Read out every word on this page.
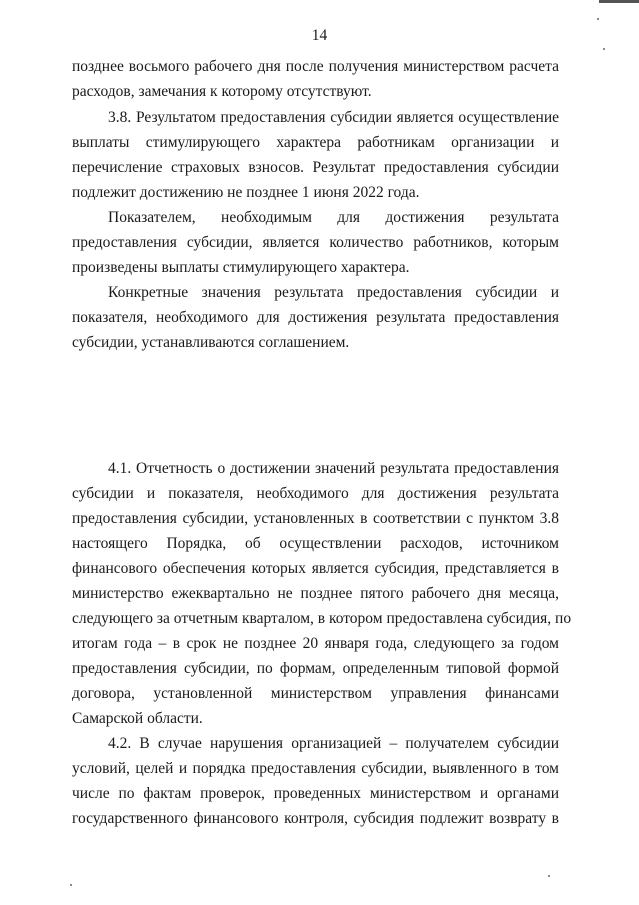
14
позднее восьмого рабочего дня после получения министерством расчета
расходов, замечания к которому отсутствуют.
3.8. Результатом предоставления субсидии является осуществление
выплаты стимулирующего характера работникам организации и
перечисление страховых взносов. Результат предоставления субсидии
подлежит достижению не позднее 1 июня 2022 года.
Показателем, необходимым для достижения результата
предоставления субсидии, является количество работников, которым
произведены выплаты стимулирующего характера.
Конкретные значения результата предоставления субсидии и
показателя, необходимого для достижения результата предоставления
субсидии, устанавливаются соглашением.
4.1. Отчетность о достижении значений результата предоставления
субсидии и показателя, необходимого для достижения результата
предоставления субсидии, установленных в соответствии с пунктом 3.8
настоящего Порядка, об осуществлении расходов, источником
финансового обеспечения которых является субсидия, представляется в
министерство ежеквартально не позднее пятого рабочего дня месяца,
следующего за отчетным кварталом, в котором предоставлена субсидия, по
итогам года – в срок не позднее 20 января года, следующего за годом
предоставления субсидии, по формам, определенным типовой формой
договора, установленной министерством управления финансами
Самарской области.
4.2. В случае нарушения организацией – получателем субсидии
условий, целей и порядка предоставления субсидии, выявленного в том
числе по фактам проверок, проведенных министерством и органами
государственного финансового контроля, субсидия подлежит возврату в
